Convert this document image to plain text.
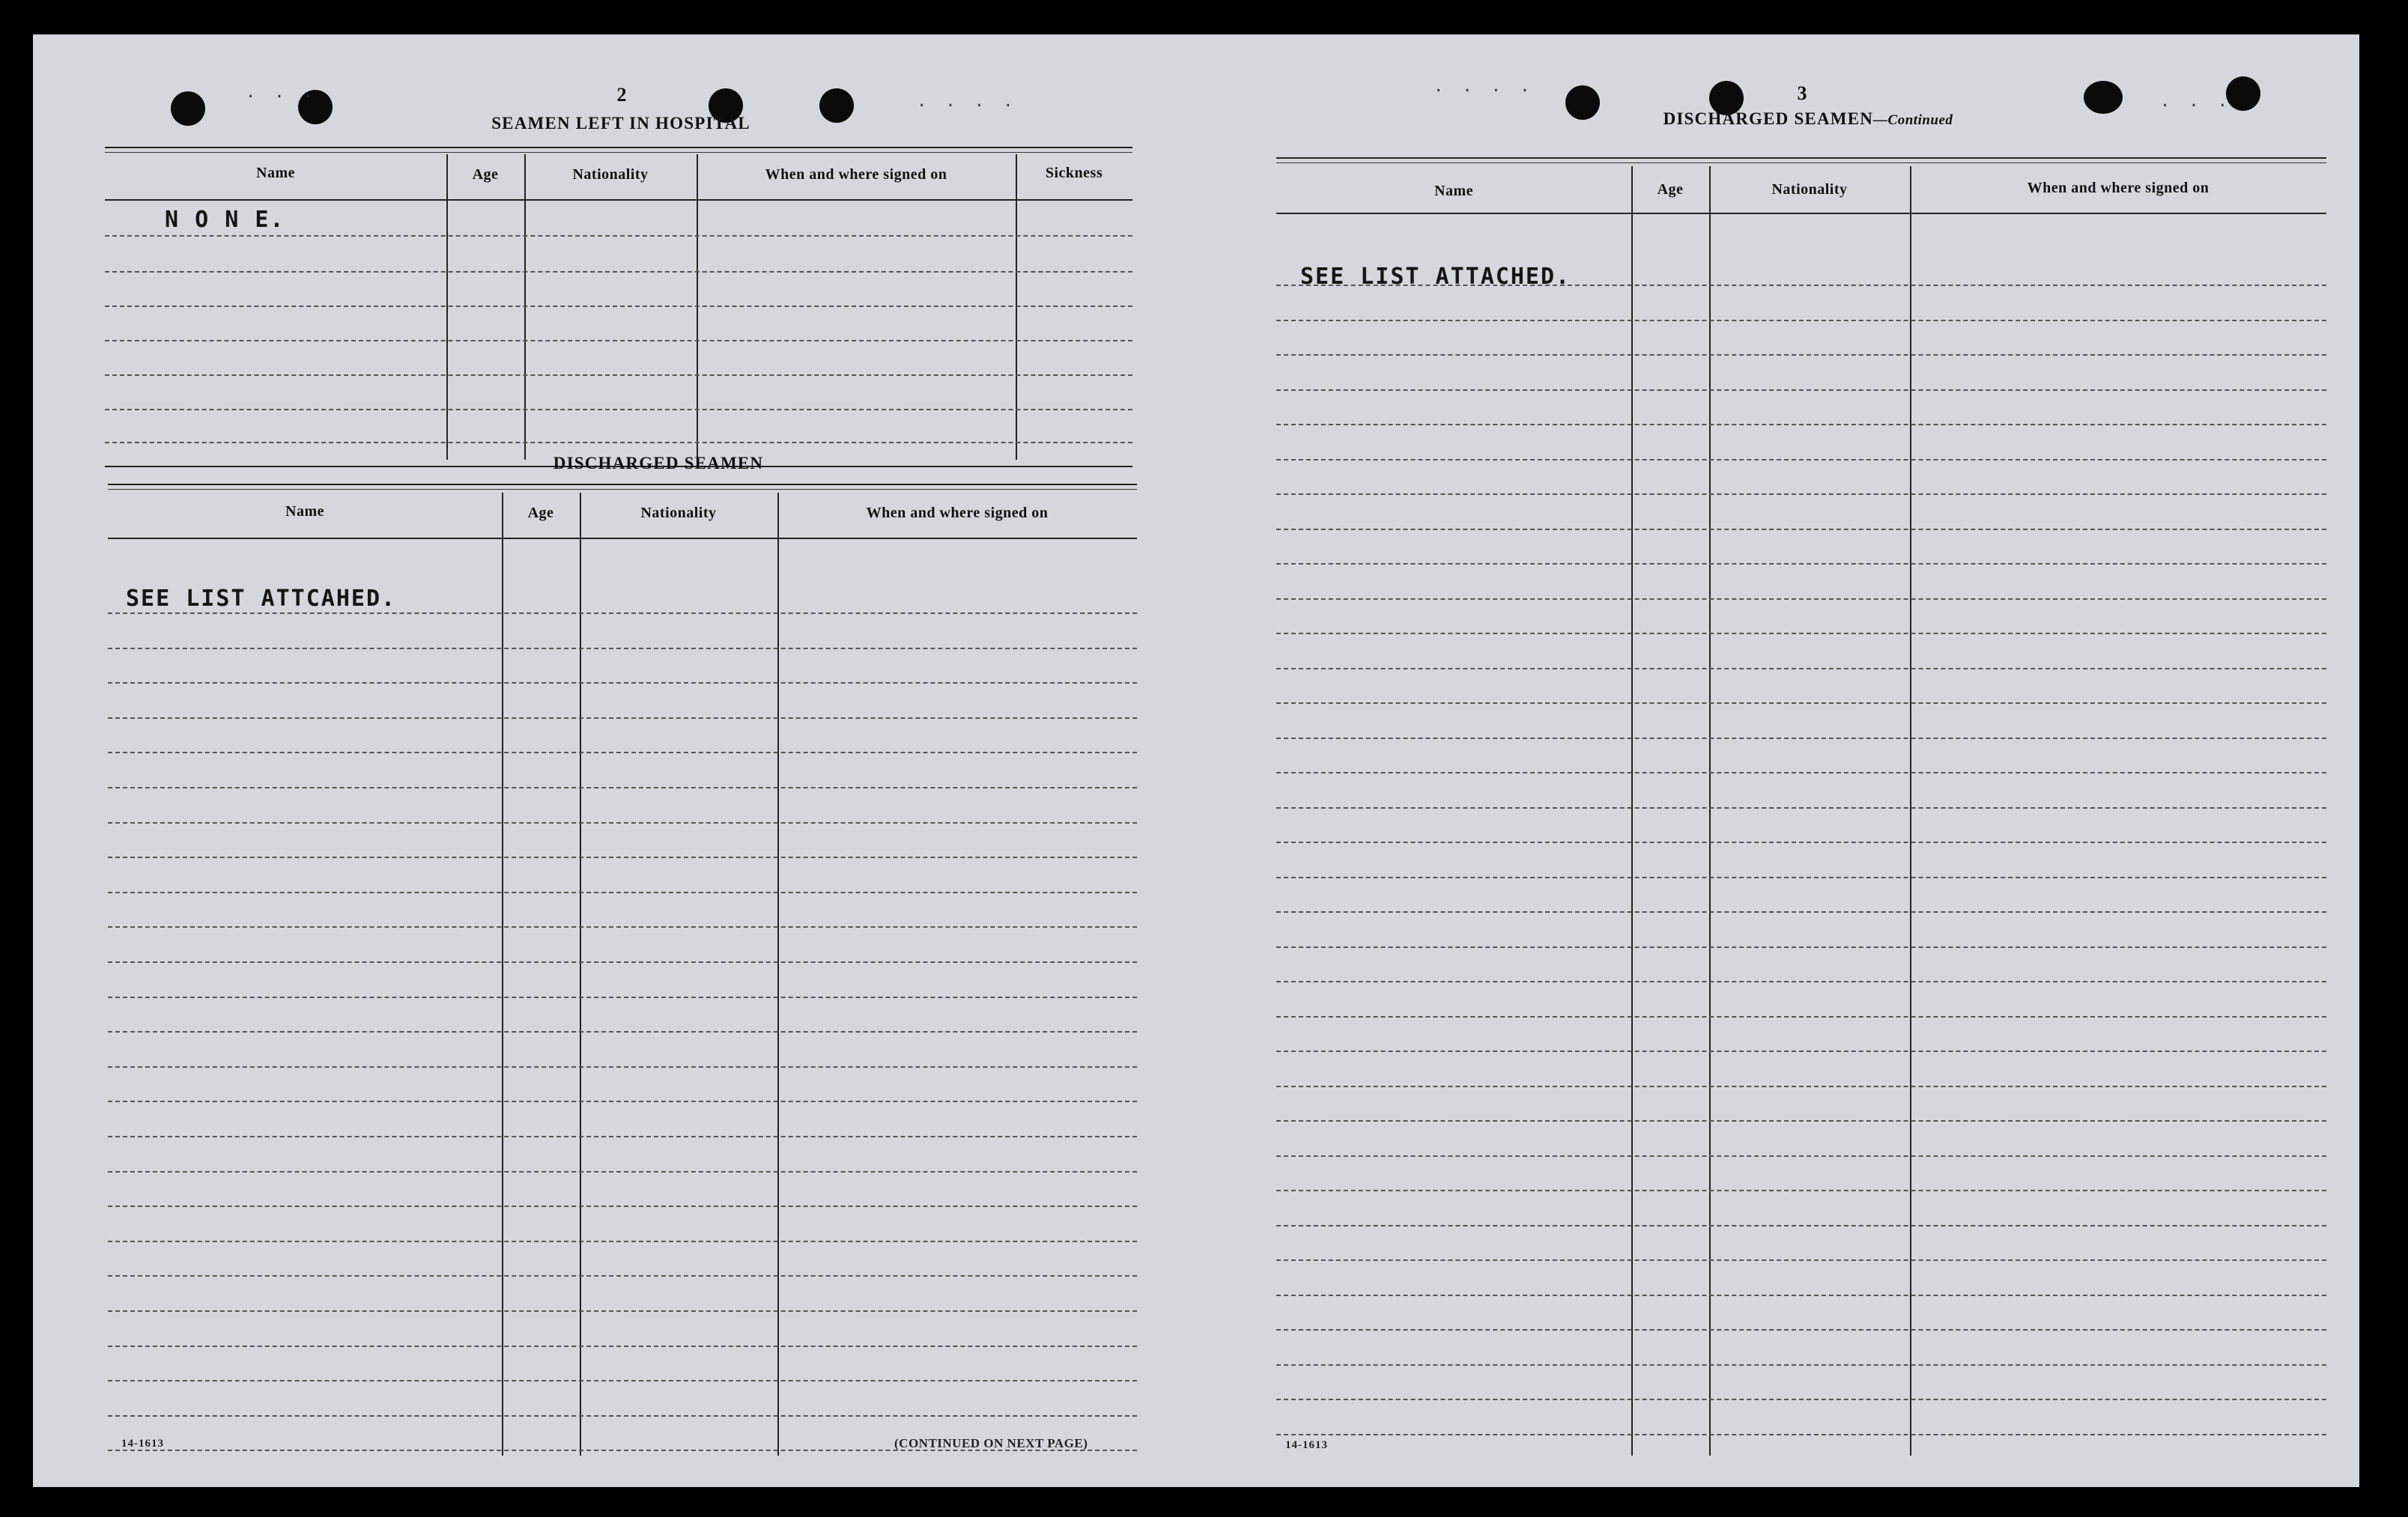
. . .	. . . .
. . . .
. . .
2
SEAMEN LEFT IN HOSPITAL
Name	Age	Nationality	When and where signed on	Sickness
N O N E.
DISCHARGED SEAMEN
Name	Age	Nationality	When and where signed on
SEE LIST ATTCAHED.
14-1613	(CONTINUED ON NEXT PAGE)
3
DISCHARGED SEAMEN—Continued
Name	Age	Nationality	When and where signed on
SEE LIST ATTACHED.
14-1613
